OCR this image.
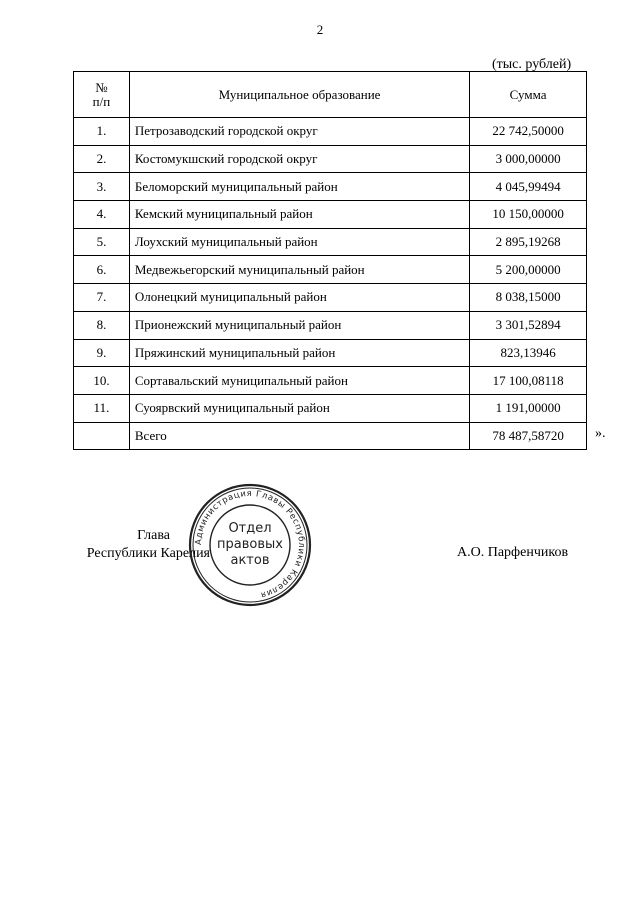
2
(тыс. рублей)
№
п/п	Муниципальное образование	Сумма
1.	Петрозаводский городской округ	22 742,50000
2.	Костомукшский городской округ	3 000,00000
3.	Беломорский муниципальный район	4 045,99494
4.	Кемский муниципальный район	10 150,00000
5.	Лоухский муниципальный район	2 895,19268
6.	Медвежьегорский муниципальный район	5 200,00000
7.	Олонецкий муниципальный район	8 038,15000
8.	Прионежский муниципальный район	3 301,52894
9.	Пряжинский муниципальный район	823,13946
10.	Сортавальский муниципальный район	17 100,08118
11.	Суоярвский муниципальный район	1 191,00000
	Всего	78 487,58720 ».
Глава
Республики Карелия
Администрация Главы Республики Карелия
Отдел
правовых
актов
А.О. Парфенчиков
